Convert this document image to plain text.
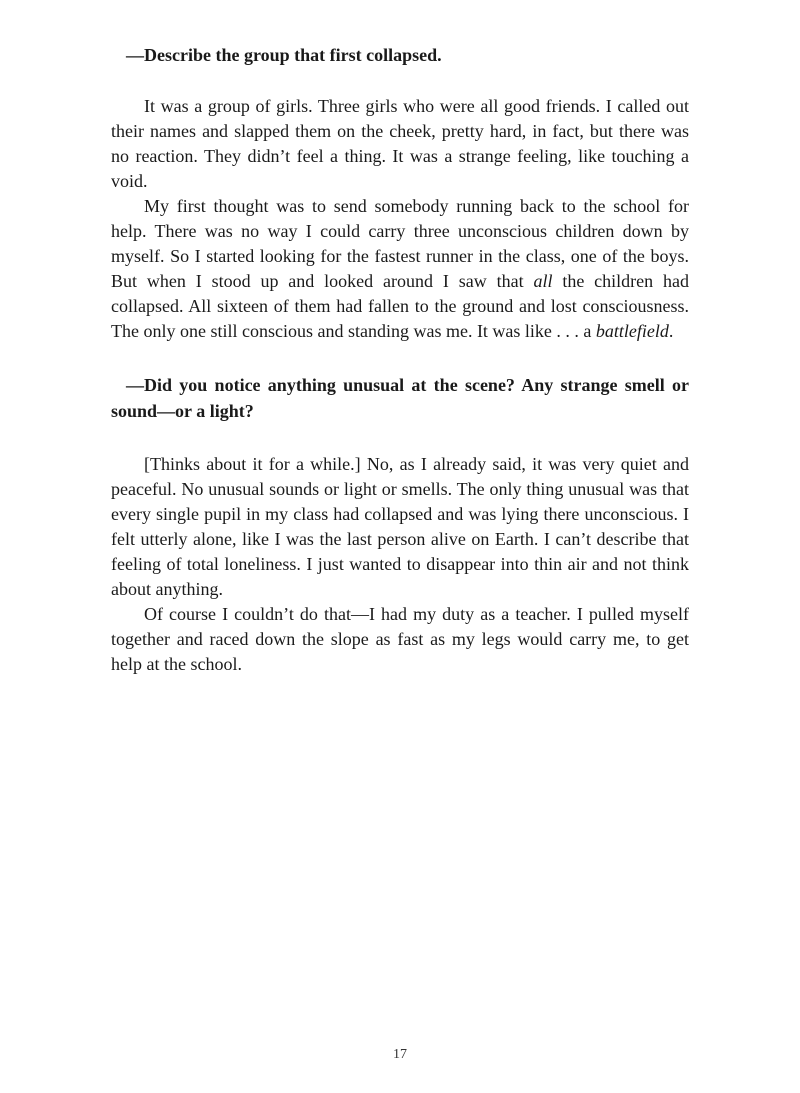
—Describe the group that first collapsed.

It was a group of girls. Three girls who were all good friends. I called out their names and slapped them on the cheek, pretty hard, in fact, but there was no reaction. They didn’t feel a thing. It was a strange feeling, like touching a void.

My first thought was to send somebody running back to the school for help. There was no way I could carry three unconscious children down by myself. So I started looking for the fastest runner in the class, one of the boys. But when I stood up and looked around I saw that all the children had collapsed. All sixteen of them had fallen to the ground and lost consciousness. The only one still conscious and standing was me. It was like . . . a battlefield.

—Did you notice anything unusual at the scene? Any strange smell or sound—or a light?

[Thinks about it for a while.] No, as I already said, it was very quiet and peaceful. No unusual sounds or light or smells. The only thing unusual was that every single pupil in my class had collapsed and was lying there unconscious. I felt utterly alone, like I was the last person alive on Earth. I can’t describe that feeling of total loneliness. I just wanted to disappear into thin air and not think about anything.

Of course I couldn’t do that—I had my duty as a teacher. I pulled myself together and raced down the slope as fast as my legs would carry me, to get help at the school.

17
